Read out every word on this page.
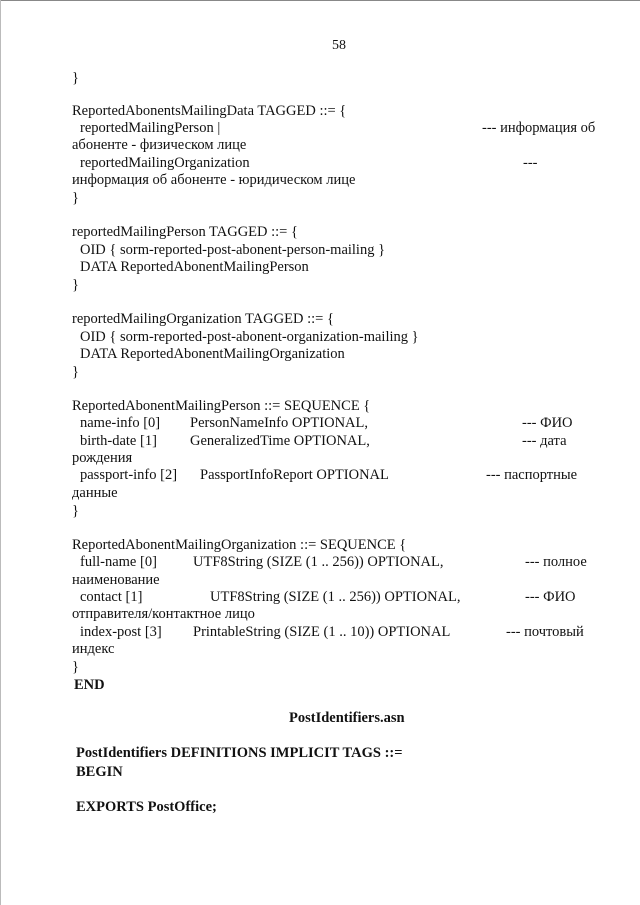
58
}
ReportedAbonentsMailingData TAGGED ::= {
reportedMailingPerson |	--- информация об
абоненте - физическом лице
reportedMailingOrganization	---
информация об абоненте - юридическом лице
}
reportedMailingPerson TAGGED ::= {
OID { sorm-reported-post-abonent-person-mailing }
DATA ReportedAbonentMailingPerson
}
reportedMailingOrganization TAGGED ::= {
OID { sorm-reported-post-abonent-organization-mailing }
DATA ReportedAbonentMailingOrganization
}
ReportedAbonentMailingPerson ::= SEQUENCE {
name-info [0] PersonNameInfo OPTIONAL,	--- ФИО
birth-date [1] GeneralizedTime OPTIONAL,	--- дата
рождения
passport-info [2] PassportInfoReport OPTIONAL	--- паспортные
данные
}
ReportedAbonentMailingOrganization ::= SEQUENCE {
full-name [0] UTF8String (SIZE (1 .. 256)) OPTIONAL,	--- полное
наименование
contact [1]	UTF8String (SIZE (1 .. 256)) OPTIONAL,	--- ФИО
отправителя/контактное лицо
index-post [3] PrintableString (SIZE (1 .. 10)) OPTIONAL	--- почтовый
индекс
}
END
PostIdentifiers.asn
PostIdentifiers DEFINITIONS IMPLICIT TAGS ::=
BEGIN
EXPORTS PostOffice;
